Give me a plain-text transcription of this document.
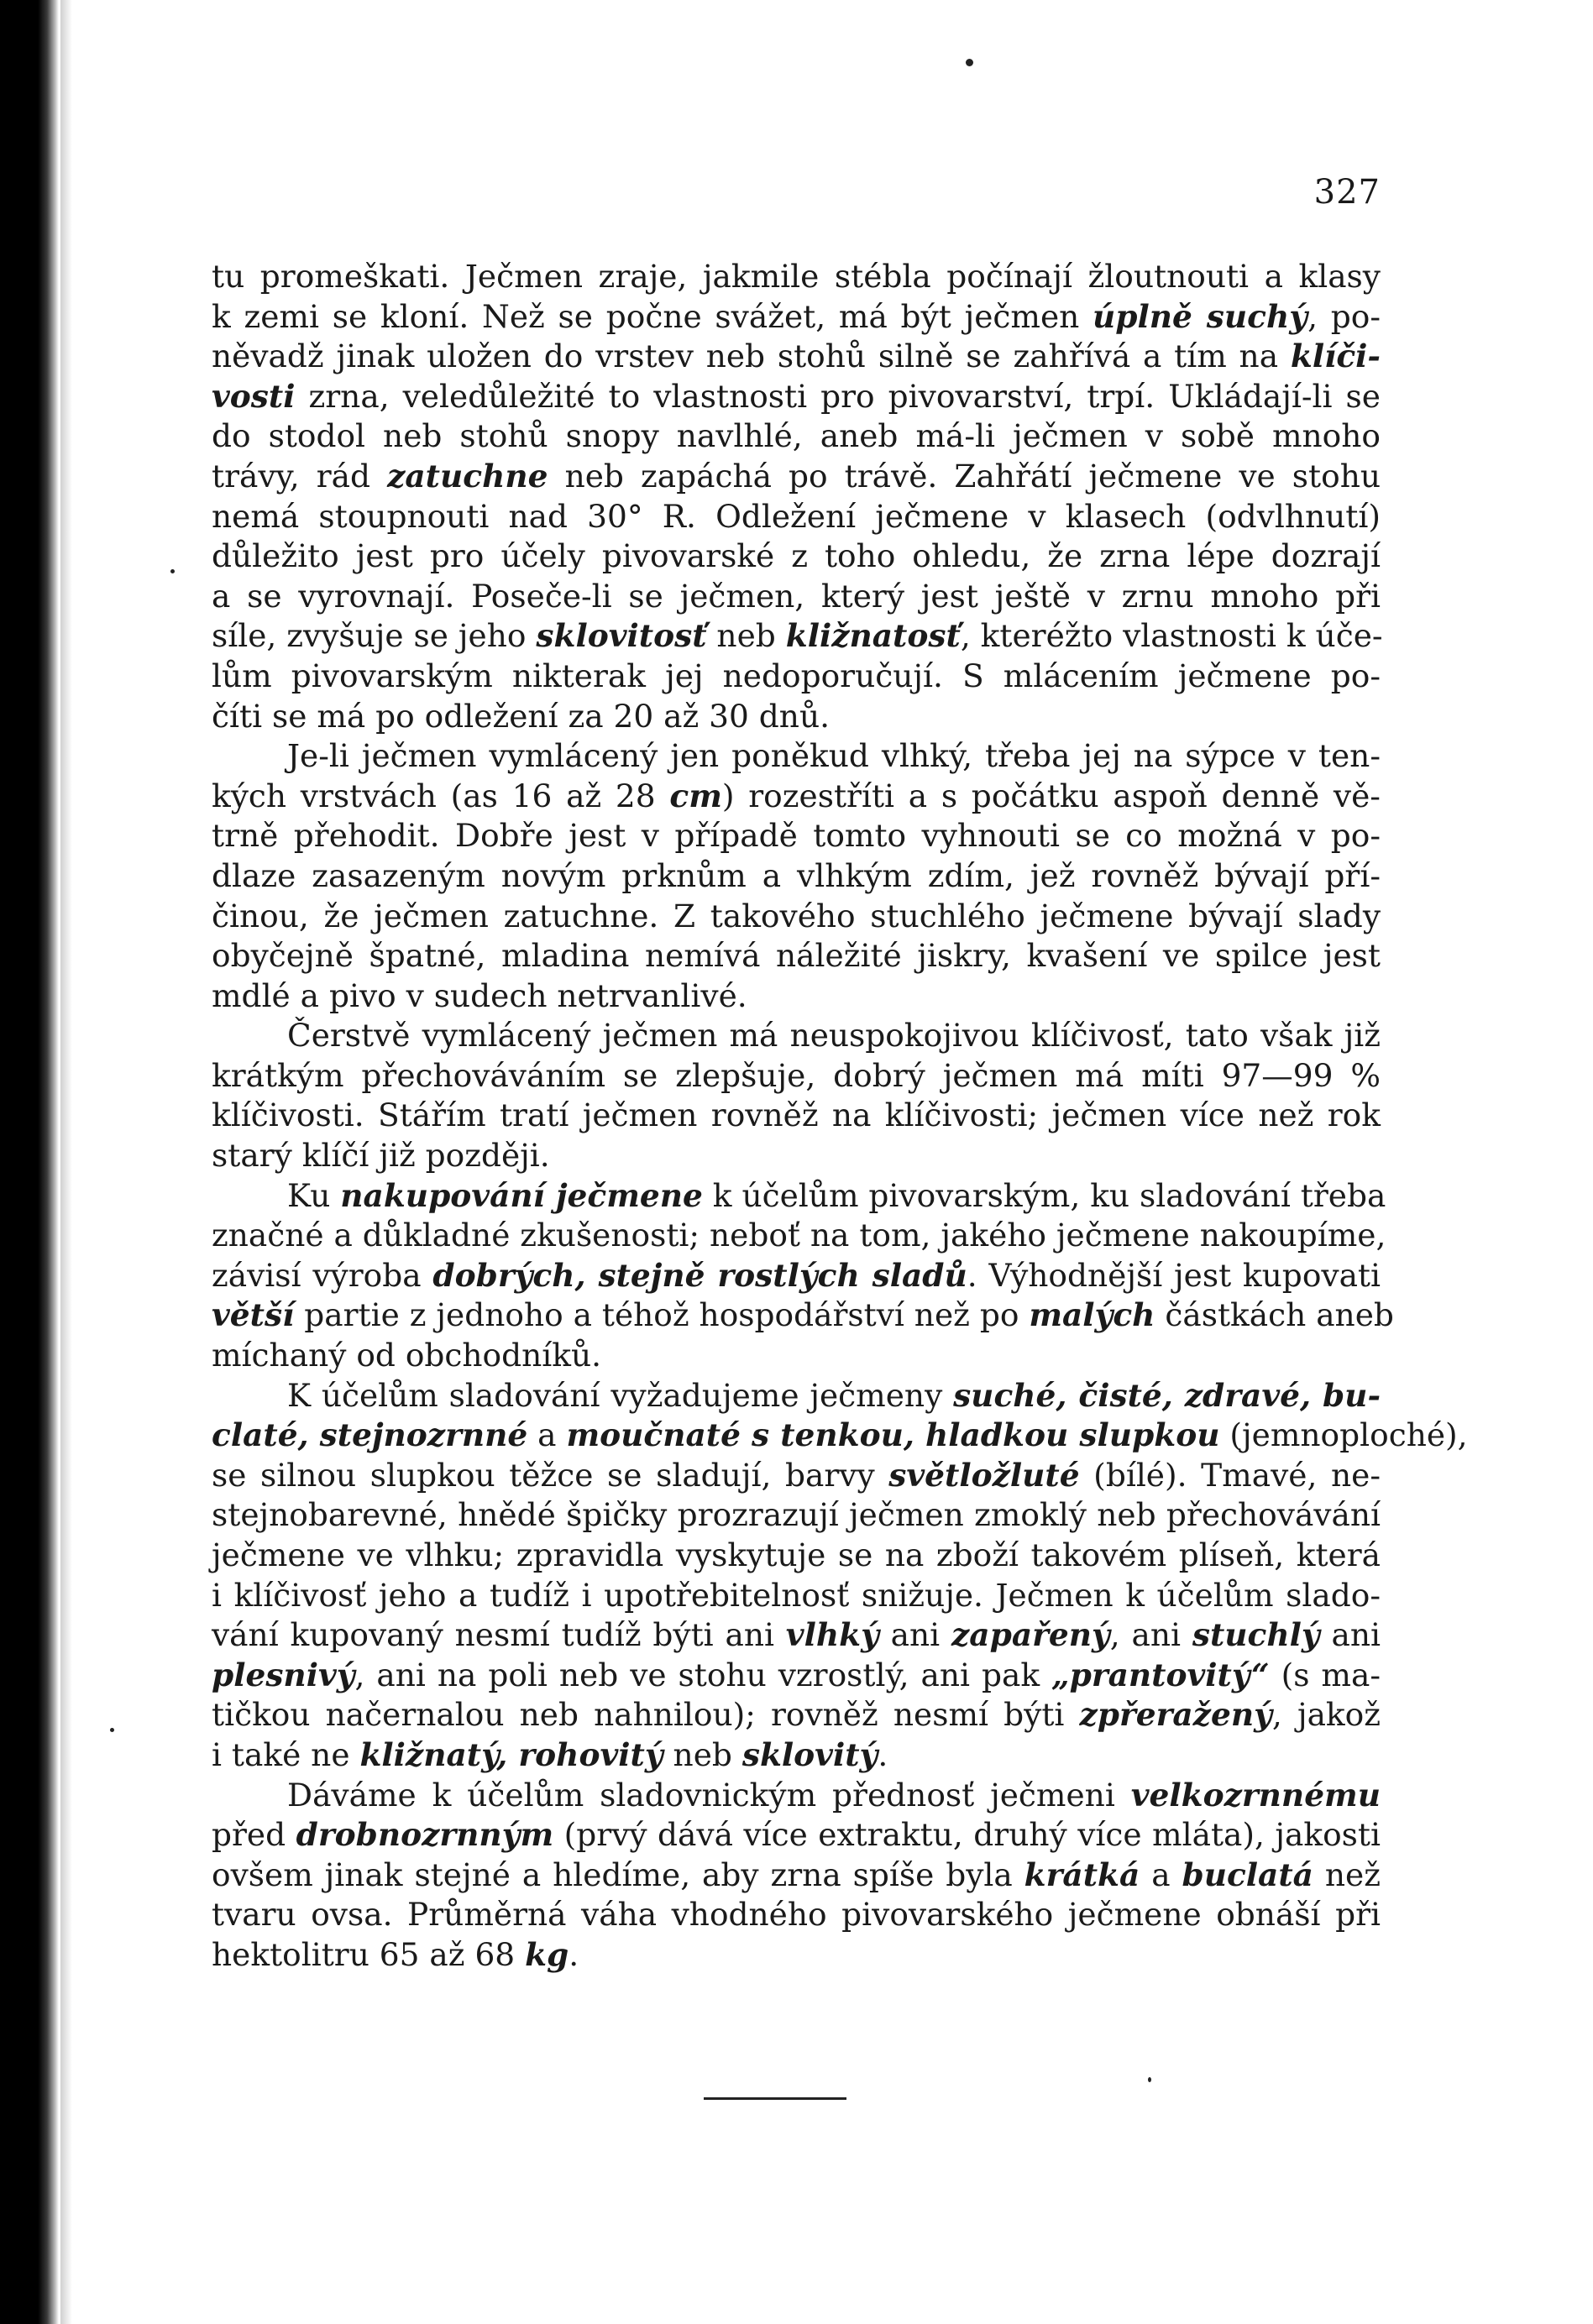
327
tu promeškati. Ječmen zraje, jakmile stébla počínají žloutnouti a klasy
k zemi se kloní. Než se počne svážet, má být ječmen úplně suchý, po-
něvadž jinak uložen do vrstev neb stohů silně se zahřívá a tím na klíči-
vosti zrna, veledůležité to vlastnosti pro pivovarství, trpí. Ukládají-li se
do stodol neb stohů snopy navlhlé, aneb má-li ječmen v sobě mnoho
trávy, rád zatuchne neb zapáchá po trávě. Zahřátí ječmene ve stohu
nemá stoupnouti nad 30° R. Odležení ječmene v klasech (odvlhnutí)
důležito jest pro účely pivovarské z toho ohledu, že zrna lépe dozrají
a se vyrovnají. Poseče-li se ječmen, který jest ještě v zrnu mnoho při
síle, zvyšuje se jeho sklovitosť neb kližnatosť, kteréžto vlastnosti k úče-
lům pivovarským nikterak jej nedoporučují. S mlácením ječmene po-
číti se má po odležení za 20 až 30 dnů.
Je-li ječmen vymlácený jen poněkud vlhký, třeba jej na sýpce v ten-
kých vrstvách (as 16 až 28 cm) rozestříti a s počátku aspoň denně vě-
trně přehodit. Dobře jest v případě tomto vyhnouti se co možná v po-
dlaze zasazeným novým prknům a vlhkým zdím, jež rovněž bývají pří-
činou, že ječmen zatuchne. Z takového stuchlého ječmene bývají slady
obyčejně špatné, mladina nemívá náležité jiskry, kvašení ve spilce jest
mdlé a pivo v sudech netrvanlivé.
Čerstvě vymlácený ječmen má neuspokojivou klíčivosť, tato však již
krátkým přechováváním se zlepšuje, dobrý ječmen má míti 97—99 %
klíčivosti. Stářím tratí ječmen rovněž na klíčivosti; ječmen více než rok
starý klíčí již později.
Ku nakupování ječmene k účelům pivovarským, ku sladování třeba
značné a důkladné zkušenosti; neboť na tom, jakého ječmene nakoupíme,
závisí výroba dobrých, stejně rostlých sladů. Výhodnější jest kupovati
větší partie z jednoho a téhož hospodářství než po malých částkách aneb
míchaný od obchodníků.
K účelům sladování vyžadujeme ječmeny suché, čisté, zdravé, bu-
claté, stejnozrnné a moučnaté s tenkou, hladkou slupkou (jemnoploché),
se silnou slupkou těžce se sladují, barvy světložluté (bílé). Tmavé, ne-
stejnobarevné, hnědé špičky prozrazují ječmen zmoklý neb přechovávání
ječmene ve vlhku; zpravidla vyskytuje se na zboží takovém plíseň, která
i klíčivosť jeho a tudíž i upotřebitelnosť snižuje. Ječmen k účelům slado-
vání kupovaný nesmí tudíž býti ani vlhký ani zapařený, ani stuchlý ani
plesnivý, ani na poli neb ve stohu vzrostlý, ani pak „prantovitý“ (s ma-
tičkou načernalou neb nahnilou); rovněž nesmí býti zpřeražený, jakož
i také ne kližnatý, rohovitý neb sklovitý.
Dáváme k účelům sladovnickým přednosť ječmeni velkozrnnému
před drobnozrnným (prvý dává více extraktu, druhý více mláta), jakosti
ovšem jinak stejné a hledíme, aby zrna spíše byla krátká a buclatá než
tvaru ovsa. Průměrná váha vhodného pivovarského ječmene obnáší při
hektolitru 65 až 68 kg.
